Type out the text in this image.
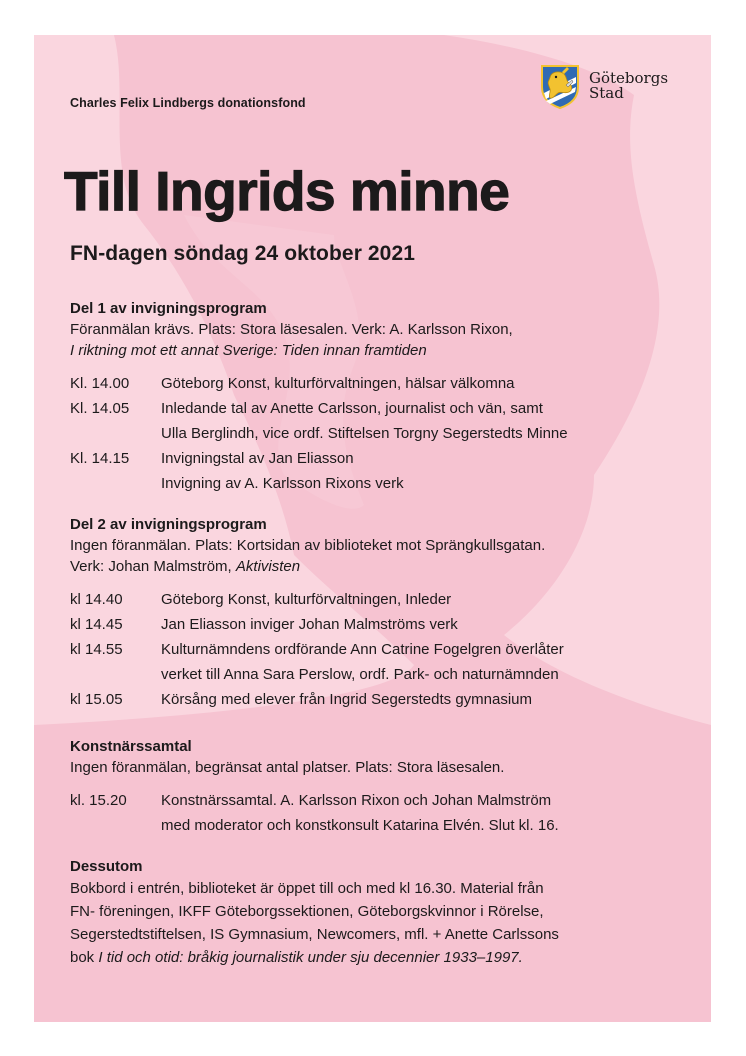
Charles Felix Lindbergs donationsfond
Göteborgs
Stad
Till Ingrids minne
FN-dagen söndag 24 oktober 2021

Del 1 av invigningsprogram

Föranmälan krävs. Plats: Stora läsesalen. Verk: A. Karlsson Rixon,

I riktning mot ett annat Sverige: Tiden innan framtiden

Kl. 14.00	Göteborg Konst, kulturförvaltningen, hälsar välkomna
Kl. 14.05	Inledande tal av Anette Carlsson, journalist och vän, samt
Ulla Berglindh, vice ordf. Stiftelsen Torgny Segerstedts Minne
Kl. 14.15	Invigningstal av Jan Eliasson
Invigning av A. Karlsson Rixons verk

Del 2 av invigningsprogram

Ingen föranmälan. Plats: Kortsidan av biblioteket mot Sprängkullsgatan.

Verk: Johan Malmström, Aktivisten

kl 14.40	Göteborg Konst, kulturförvaltningen, Inleder
kl 14.45	Jan Eliasson inviger Johan Malmströms verk
kl 14.55	Kulturnämndens ordförande Ann Catrine Fogelgren överlåter
verket till Anna Sara Perslow, ordf. Park- och naturnämnden
kl 15.05	Körsång med elever från Ingrid Segerstedts gymnasium

Konstnärssamtal

Ingen föranmälan, begränsat antal platser. Plats: Stora läsesalen.

kl. 15.20	Konstnärssamtal. A. Karlsson Rixon och Johan Malmström
med moderator och konstkonsult Katarina Elvén. Slut kl. 16.

Dessutom

Bokbord i entrén, biblioteket är öppet till och med kl 16.30. Material från

FN- föreningen, IKFF Göteborgssektionen, Göteborgskvinnor i Rörelse,

Segerstedtstiftelsen, IS Gymnasium, Newcomers, mfl. + Anette Carlssons

bok I tid och otid: bråkig journalistik under sju decennier 1933–1997.
